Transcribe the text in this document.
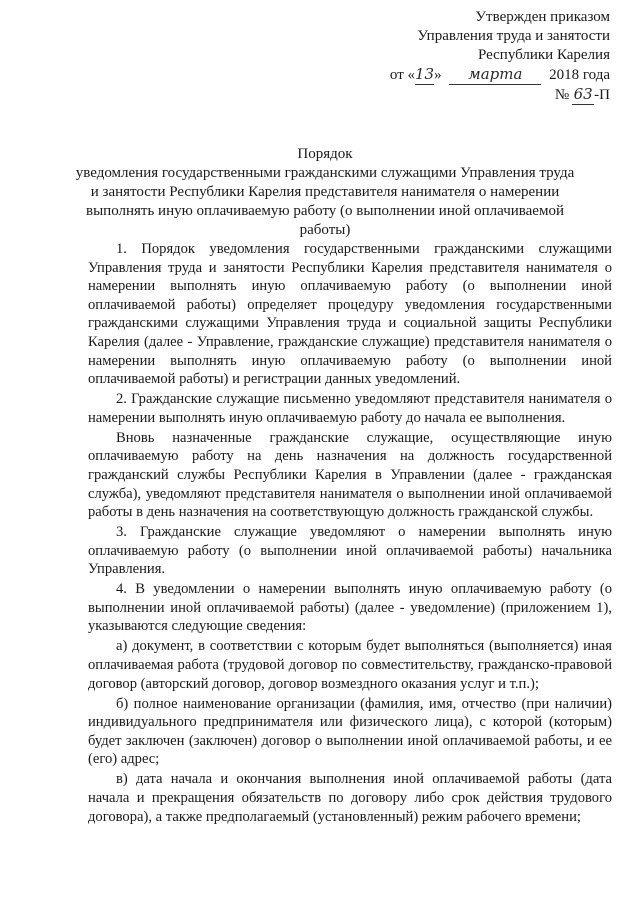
Утвержден приказом
Управления труда и занятости
Республики Карелия
от «13» марта 2018 года
№ 63-П
Порядок
уведомления государственными гражданскими служащими Управления труда и занятости Республики Карелия представителя нанимателя о намерении выполнять иную оплачиваемую работу (о выполнении иной оплачиваемой работы)

1. Порядок уведомления государственными гражданскими служащими Управления труда и занятости Республики Карелия представителя нанимателя о намерении выполнять иную оплачиваемую работу (о выполнении иной оплачиваемой работы) определяет процедуру уведомления государственными гражданскими служащими Управления труда и социальной защиты Республики Карелия (далее - Управление, гражданские служащие) представителя нанимателя о намерении выполнять иную оплачиваемую работу (о выполнении иной оплачиваемой работы) и регистрации данных уведомлений.

2. Гражданские служащие письменно уведомляют представителя нанимателя о намерении выполнять иную оплачиваемую работу до начала ее выполнения.

Вновь назначенные гражданские служащие, осуществляющие иную оплачиваемую работу на день назначения на должность государственной гражданский службы Республики Карелия в Управлении (далее - гражданская служба), уведомляют представителя нанимателя о выполнении иной оплачиваемой работы в день назначения на соответствующую должность гражданской службы.

3. Гражданские служащие уведомляют о намерении выполнять иную оплачиваемую работу (о выполнении иной оплачиваемой работы) начальника Управления.

4. В уведомлении о намерении выполнять иную оплачиваемую работу (о выполнении иной оплачиваемой работы) (далее - уведомление) (приложением 1), указываются следующие сведения:

а) документ, в соответствии с которым будет выполняться (выполняется) иная оплачиваемая работа (трудовой договор по совместительству, гражданско-правовой договор (авторский договор, договор возмездного оказания услуг и т.п.);

б) полное наименование организации (фамилия, имя, отчество (при наличии) индивидуального предпринимателя или физического лица), с которой (которым) будет заключен (заключен) договор о выполнении иной оплачиваемой работы, и ее (его) адрес;

в) дата начала и окончания выполнения иной оплачиваемой работы (дата начала и прекращения обязательств по договору либо срок действия трудового договора), а также предполагаемый (установленный) режим рабочего времени;
